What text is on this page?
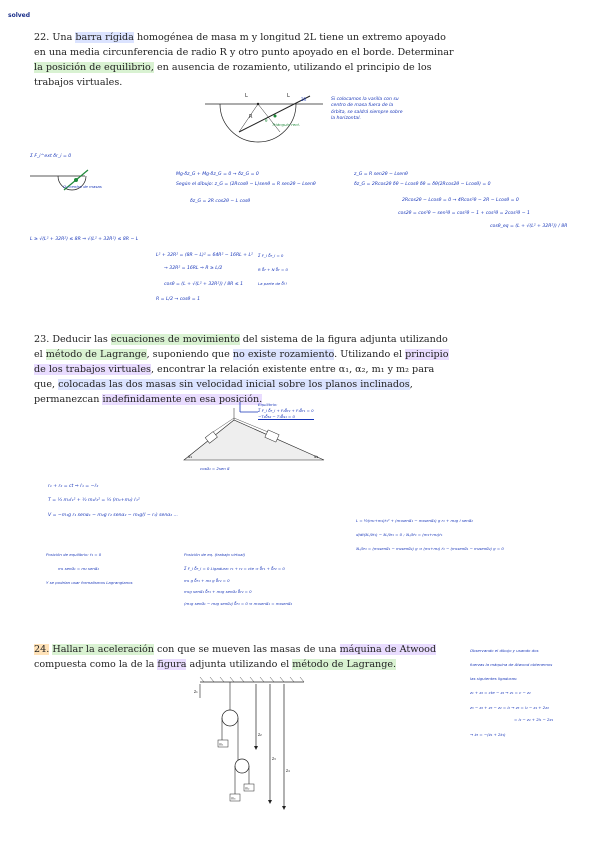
solved
22. Una barra rígida homogénea de masa m y longitud 2L tiene un extremo apoyado en una media circunferencia de radio R y otro punto apoyado en el borde. Determinar la posición de equilibrio, en ausencia de rozamiento, utilizando el principio de los trabajos virtuales.
L	L
2R
R
θ
Triángulo rect.
Si colocamos la varilla con su
centro de masa fuera de la
órbita, se saldrá siempre sobre
la horizontal.
Σ F_i^ext δr_i = 0
O=centro de masas
Mg·δz_G + Mg·δz_G = 0 → δz_G = 0
Según el dibujo: z_G = (2Rcosθ − L)senθ = R sen2θ − Lsenθ
δz_G = 2R cos2θ − L cosθ
z_G = R sen2θ − Lsenθ
δz_G = 2Rcos2θ δθ − Lcosθ δθ = δθ(2Rcos2θ − Lcosθ) = 0
2Rcos2θ − Lcosθ = 0 → 4Rcos²θ − 2R − Lcosθ = 0
cos2θ = cos²θ − sen²θ = cos²θ − 1 + cos²θ = 2cos²θ − 1
cosθ_eq = (L + √(L² + 32R²)) / 8R
L ≥ √(L² + 32R²) ≤ 8R ⇒ √(L² + 32R²) ≤ 8R − L
L² + 32R² = (8R − L)² = 64R² − 16RL + L²
→ 32R² = 16RL ⇒ R ≥ L/2
cosθ = (L + √(L² + 32R²)) / 8R ≤ 1
R = L/2 → cosθ = 1
Σ F_i δr_i = 0
R δr + N δr = 0
La parte de δ!!
23. Deducir las ecuaciones de movimiento del sistema de la figura adjunta utilizando el método de Lagrange, suponiendo que no existe rozamiento. Utilizando el principio de los trabajos virtuales, encontrar la relación existente entre α₁, α₂, m₁ y m₂ para que, colocadas las dos masas sin velocidad inicial sobre los planos inclinados, permanezcan indefinidamente en esa posición.
α₁	α₂
Equilibrio:
Σ F_i δr_i + F₂δr₂ + F₁δr₁ = 0
−T₂δs₂ − T₁δs₁ = 0
cosα₁ = 2sen α
r₁ + r₂ = ct ⇒ ṙ₁ = −ṙ₂
T = ½ m₁ṙ₁² + ½ m₂ṙ₂² = ½ (m₁+m₂) ṙ₁²
V = −m₁g r₁ senα₁ − m₂g r₂ senα₂ − m₁g(l − r₁) senα₂ ...
L = ½(m₁+m₂)ṙ₁² + (m₁senα₁ − m₂senα₂) g r₁ + m₂g l senα₂
d/dt(∂L/∂ṙ₁) − ∂L/∂r₁ = 0 ; ∂L/∂ṙ₁ = (m₁+m₂)ṙ₁
∂L/∂r₁ = (m₁senα₁ − m₂senα₂) g ⇒ (m₁+m₂) r̈₁ − (m₁senα₁ − m₂senα₂) g = 0
Posición de equilibrio: r̈₁ = 0
m₁ senα₁ = m₂ senα₂
Y se podrían usar formalismos Lagrangianos
Posición de eq. (trabajo virtual)
Σ F_i δr_i = 0 Ligadura: r₁ + r₂ = cte ⇒ δr₁ + δr₂ = 0
m₁ g δr₁ + m₂ g δr₂ = 0
m₁g senα₁ δr₁ + m₂g senα₂ δr₂ = 0
(m₁g senα₁ − m₂g senα₂) δr₁ = 0 ⇔ m₁senα₁ = m₂senα₂
24. Hallar la aceleración con que se mueven las masas de una máquina de Atwood compuesta como la de la figura adjunta utilizando el método de Lagrange.
z₁
z₂
z₃
z₄
m₁
m₂
m₃
Observando el dibujo y usando dos
fuerzas la máquina de Atwood obtenemos
las siguientes ligaduras:
z₁ + z₂ = cte − z₂ → z₁ = c − z₂
z₃ − z₂ + z₃ − z₂ = l₂ → z₃ = l₂ − z₄ + 2z₂
= l₂ − z₄ + 2l₁ − 2z₁
→ ż₃ = −(ż₄ + 2ż₁)
